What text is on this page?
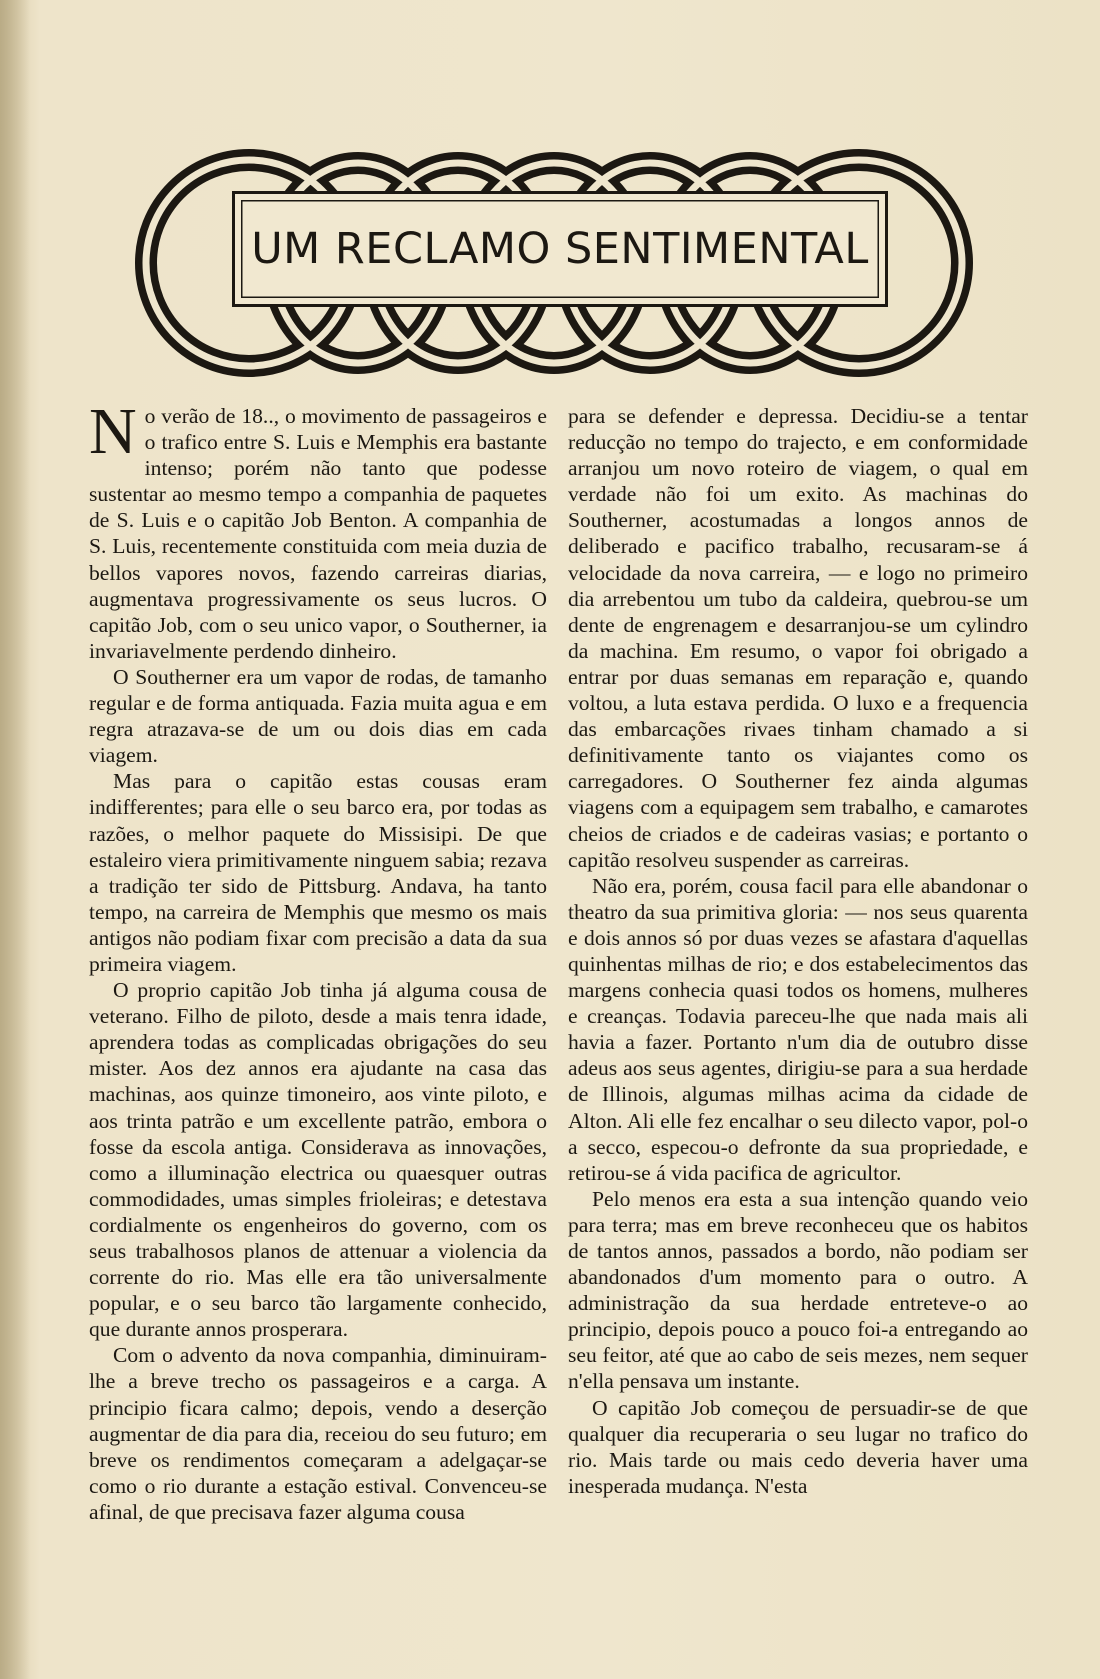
UM RECLAMO SENTIMENTAL

No verão de 18.., o movimento de passageiros e o trafico entre S. Luis e Memphis era bastante intenso; porém não tanto que podesse sustentar ao mesmo tempo a companhia de paquetes de S. Luis e o capitão Job Benton. A companhia de S. Luis, recentemente constituida com meia duzia de bellos vapores novos, fazendo carreiras diarias, augmentava progressivamente os seus lucros. O capitão Job, com o seu unico vapor, o Southerner, ia invariavelmente perdendo dinheiro.

O Southerner era um vapor de rodas, de tamanho regular e de forma antiquada. Fazia muita agua e em regra atrazava-se de um ou dois dias em cada viagem.

Mas para o capitão estas cousas eram indifferentes; para elle o seu barco era, por todas as razões, o melhor paquete do Missisipi. De que estaleiro viera primitivamente ninguem sabia; rezava a tradição ter sido de Pittsburg. Andava, ha tanto tempo, na carreira de Memphis que mesmo os mais antigos não podiam fixar com precisão a data da sua primeira viagem.

O proprio capitão Job tinha já alguma cousa de veterano. Filho de piloto, desde a mais tenra idade, aprendera todas as complicadas obrigações do seu mister. Aos dez annos era ajudante na casa das machinas, aos quinze timoneiro, aos vinte piloto, e aos trinta patrão e um excellente patrão, embora o fosse da escola antiga. Considerava as innovações, como a illuminação electrica ou quaesquer outras commodidades, umas simples frioleiras; e detestava cordialmente os engenheiros do governo, com os seus trabalhosos planos de attenuar a violencia da corrente do rio. Mas elle era tão universalmente popular, e o seu barco tão largamente conhecido, que durante annos prosperara.

Com o advento da nova companhia, diminuiram-lhe a breve trecho os passageiros e a carga. A principio ficara calmo; depois, vendo a deserção augmentar de dia para dia, receiou do seu futuro; em breve os rendimentos começaram a adelgaçar-se como o rio durante a estação estival. Convenceu-se afinal, de que precisava fazer alguma cousa

para se defender e depressa. Decidiu-se a tentar reducção no tempo do trajecto, e em conformidade arranjou um novo roteiro de viagem, o qual em verdade não foi um exito. As machinas do Southerner, acostumadas a longos annos de deliberado e pacifico trabalho, recusaram-se á velocidade da nova carreira, — e logo no primeiro dia arrebentou um tubo da caldeira, quebrou-se um dente de engrenagem e desarranjou-se um cylindro da machina. Em resumo, o vapor foi obrigado a entrar por duas semanas em reparação e, quando voltou, a luta estava perdida. O luxo e a frequencia das embarcações rivaes tinham chamado a si definitivamente tanto os viajantes como os carregadores. O Southerner fez ainda algumas viagens com a equipagem sem trabalho, e camarotes cheios de criados e de cadeiras vasias; e portanto o capitão resolveu suspender as carreiras.

Não era, porém, cousa facil para elle abandonar o theatro da sua primitiva gloria: — nos seus quarenta e dois annos só por duas vezes se afastara d'aquellas quinhentas milhas de rio; e dos estabelecimentos das margens conhecia quasi todos os homens, mulheres e creanças. Todavia pareceu-lhe que nada mais ali havia a fazer. Portanto n'um dia de outubro disse adeus aos seus agentes, dirigiu-se para a sua herdade de Illinois, algumas milhas acima da cidade de Alton. Ali elle fez encalhar o seu dilecto vapor, pol-o a secco, especou-o defronte da sua propriedade, e retirou-se á vida pacifica de agricultor.

Pelo menos era esta a sua intenção quando veio para terra; mas em breve reconheceu que os habitos de tantos annos, passados a bordo, não podiam ser abandonados d'um momento para o outro. A administração da sua herdade entreteve-o ao principio, depois pouco a pouco foi-a entregando ao seu feitor, até que ao cabo de seis mezes, nem sequer n'ella pensava um instante.

O capitão Job começou de persuadir-se de que qualquer dia recuperaria o seu lugar no trafico do rio. Mais tarde ou mais cedo deveria haver uma inesperada mudança. N'esta
